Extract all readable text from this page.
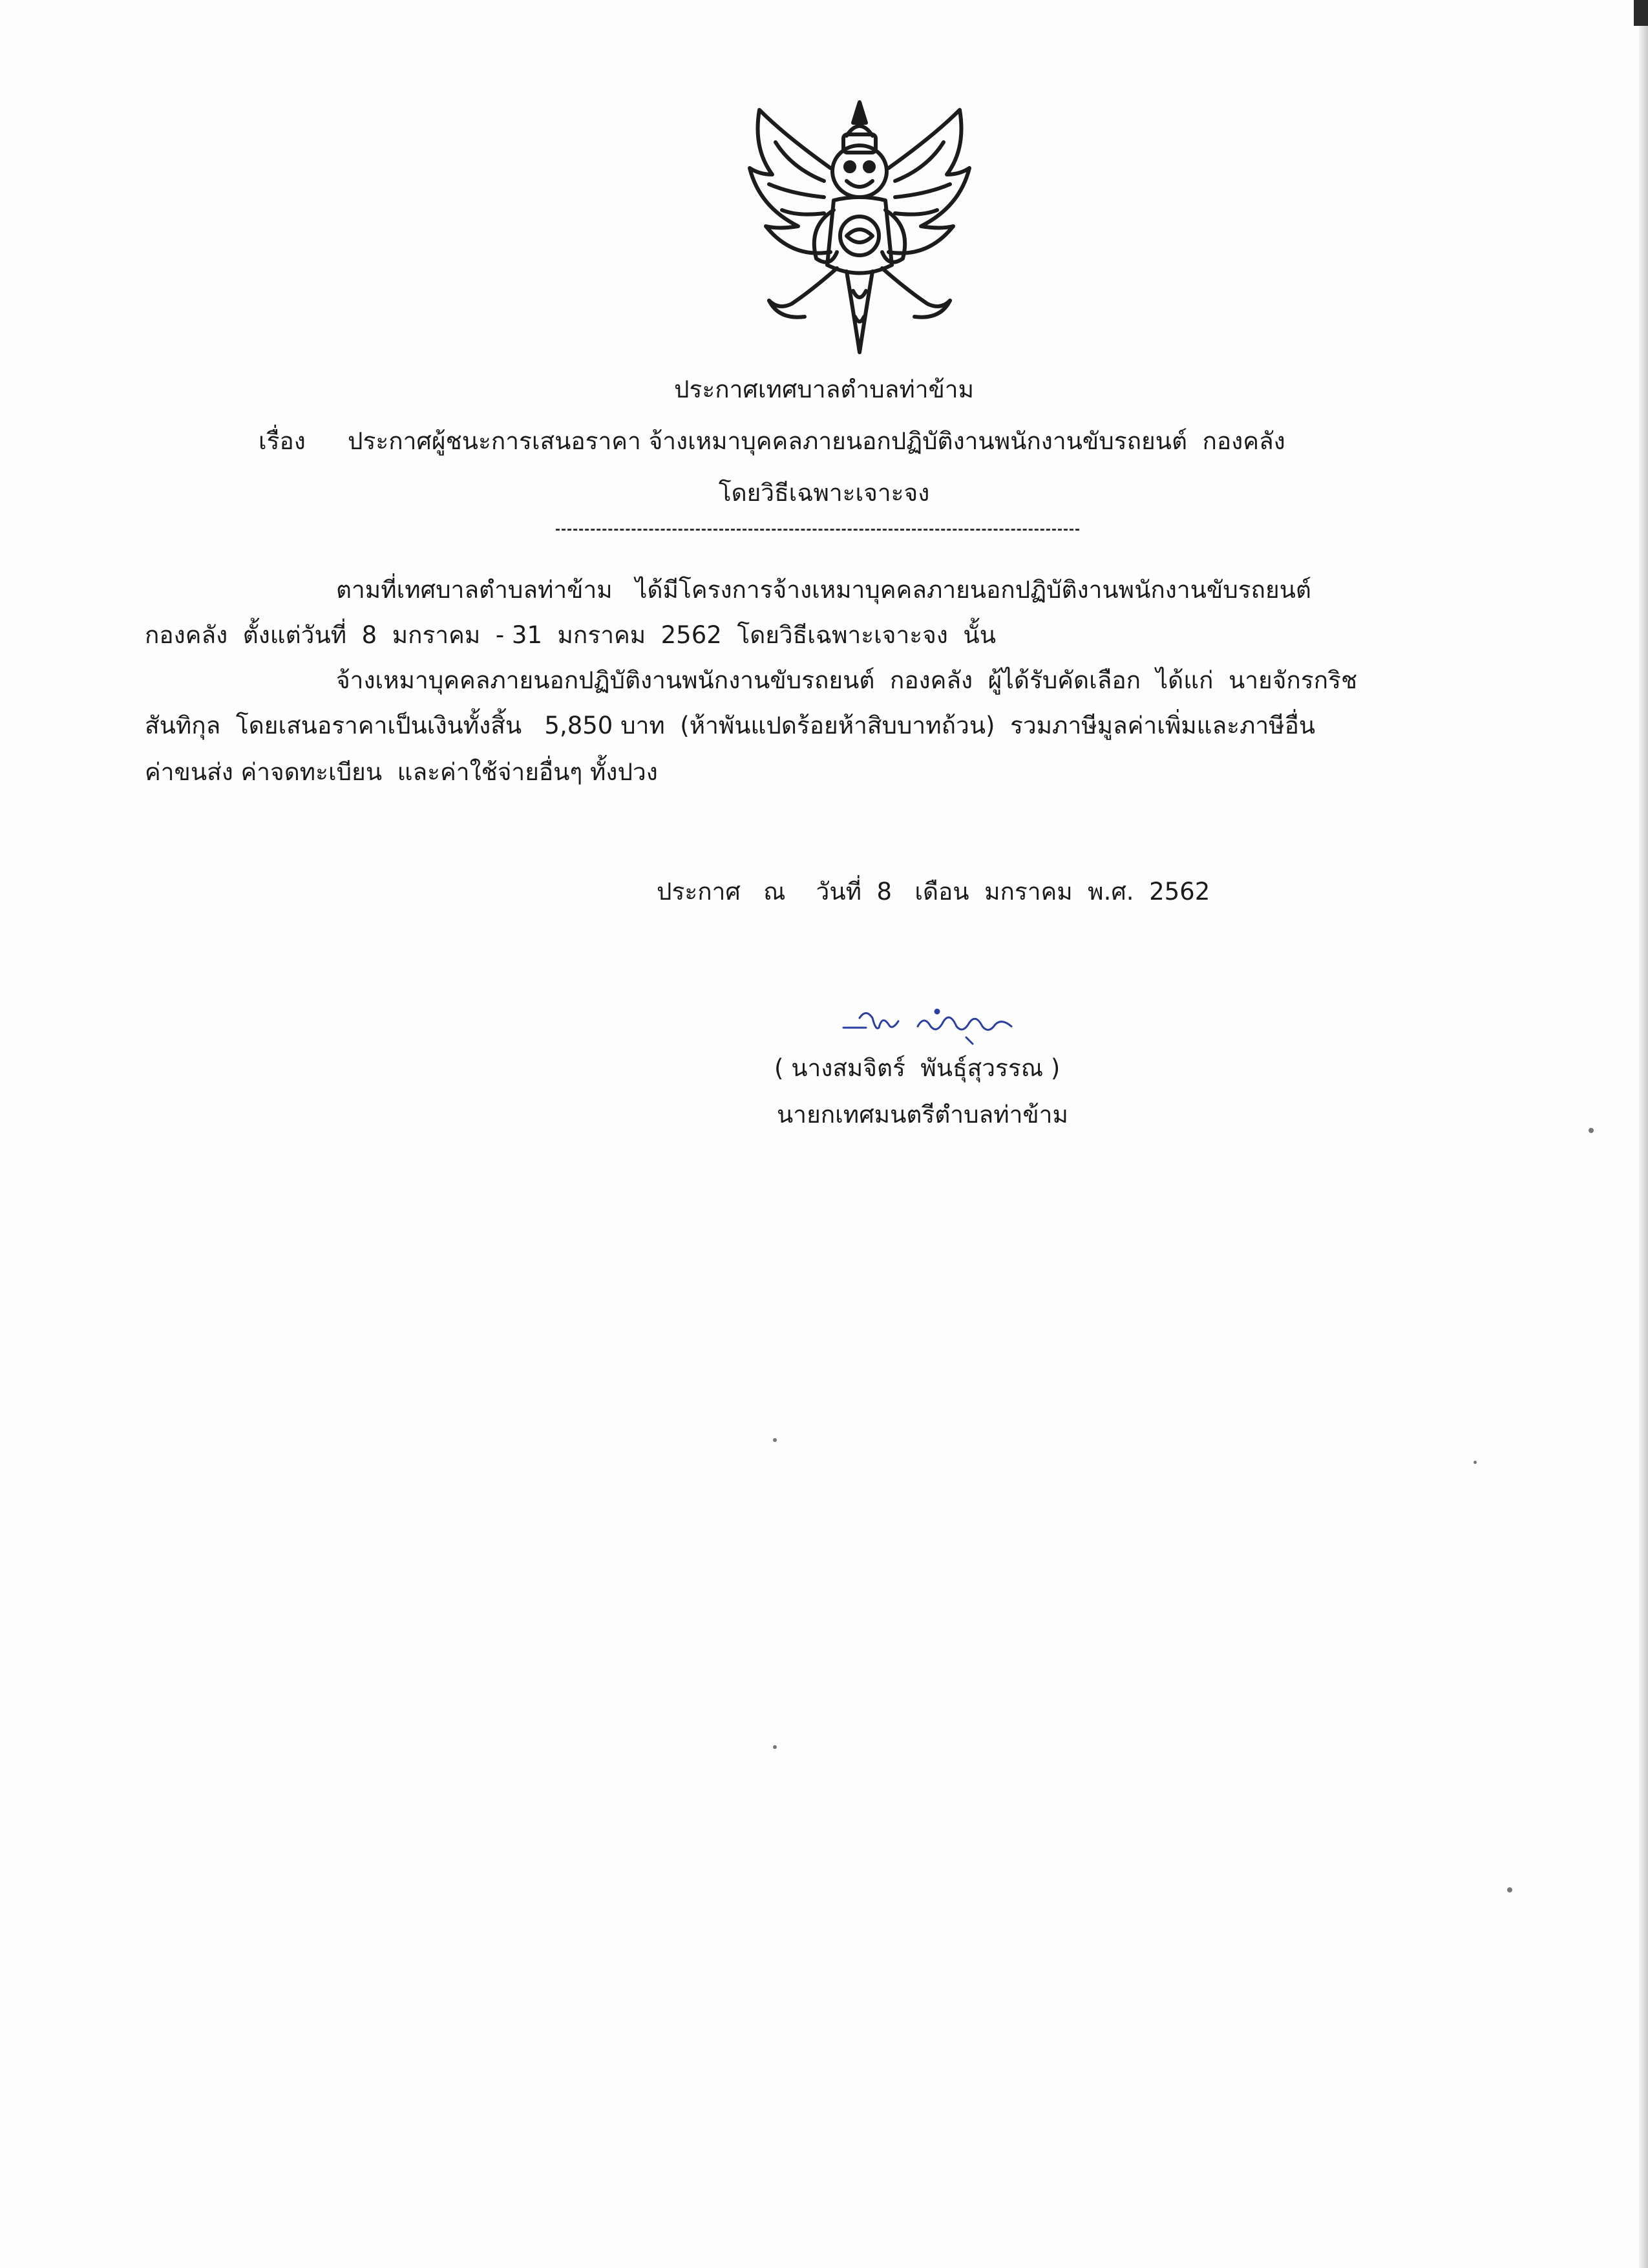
ประกาศเทศบาลตำบลท่าข้าม
เรื่อง ประกาศผู้ชนะการเสนอราคา จ้างเหมาบุคคลภายนอกปฏิบัติงานพนักงานขับรถยนต์  กองคลัง
โดยวิธีเฉพาะเจาะจง
ตามที่เทศบาลตำบลท่าข้าม   ได้มีโครงการจ้างเหมาบุคคลภายนอกปฏิบัติงานพนักงานขับรถยนต์
กองคลัง  ตั้งแต่วันที่  8  มกราคม  - 31  มกราคม  2562  โดยวิธีเฉพาะเจาะจง  นั้น
จ้างเหมาบุคคลภายนอกปฏิบัติงานพนักงานขับรถยนต์  กองคลัง  ผู้ได้รับคัดเลือก  ได้แก่  นายจักรกริช
สันทิกุล  โดยเสนอราคาเป็นเงินทั้งสิ้น   5,850 บาท  (ห้าพันแปดร้อยห้าสิบบาทถ้วน)  รวมภาษีมูลค่าเพิ่มและภาษีอื่น
ค่าขนส่ง ค่าจดทะเบียน  และค่าใช้จ่ายอื่นๆ ทั้งปวง
ประกาศ   ณ    วันที่  8   เดือน  มกราคม  พ.ศ.  2562
( นางสมจิตร์  พันธุ์สุวรรณ )
นายกเทศมนตรีตำบลท่าข้าม
